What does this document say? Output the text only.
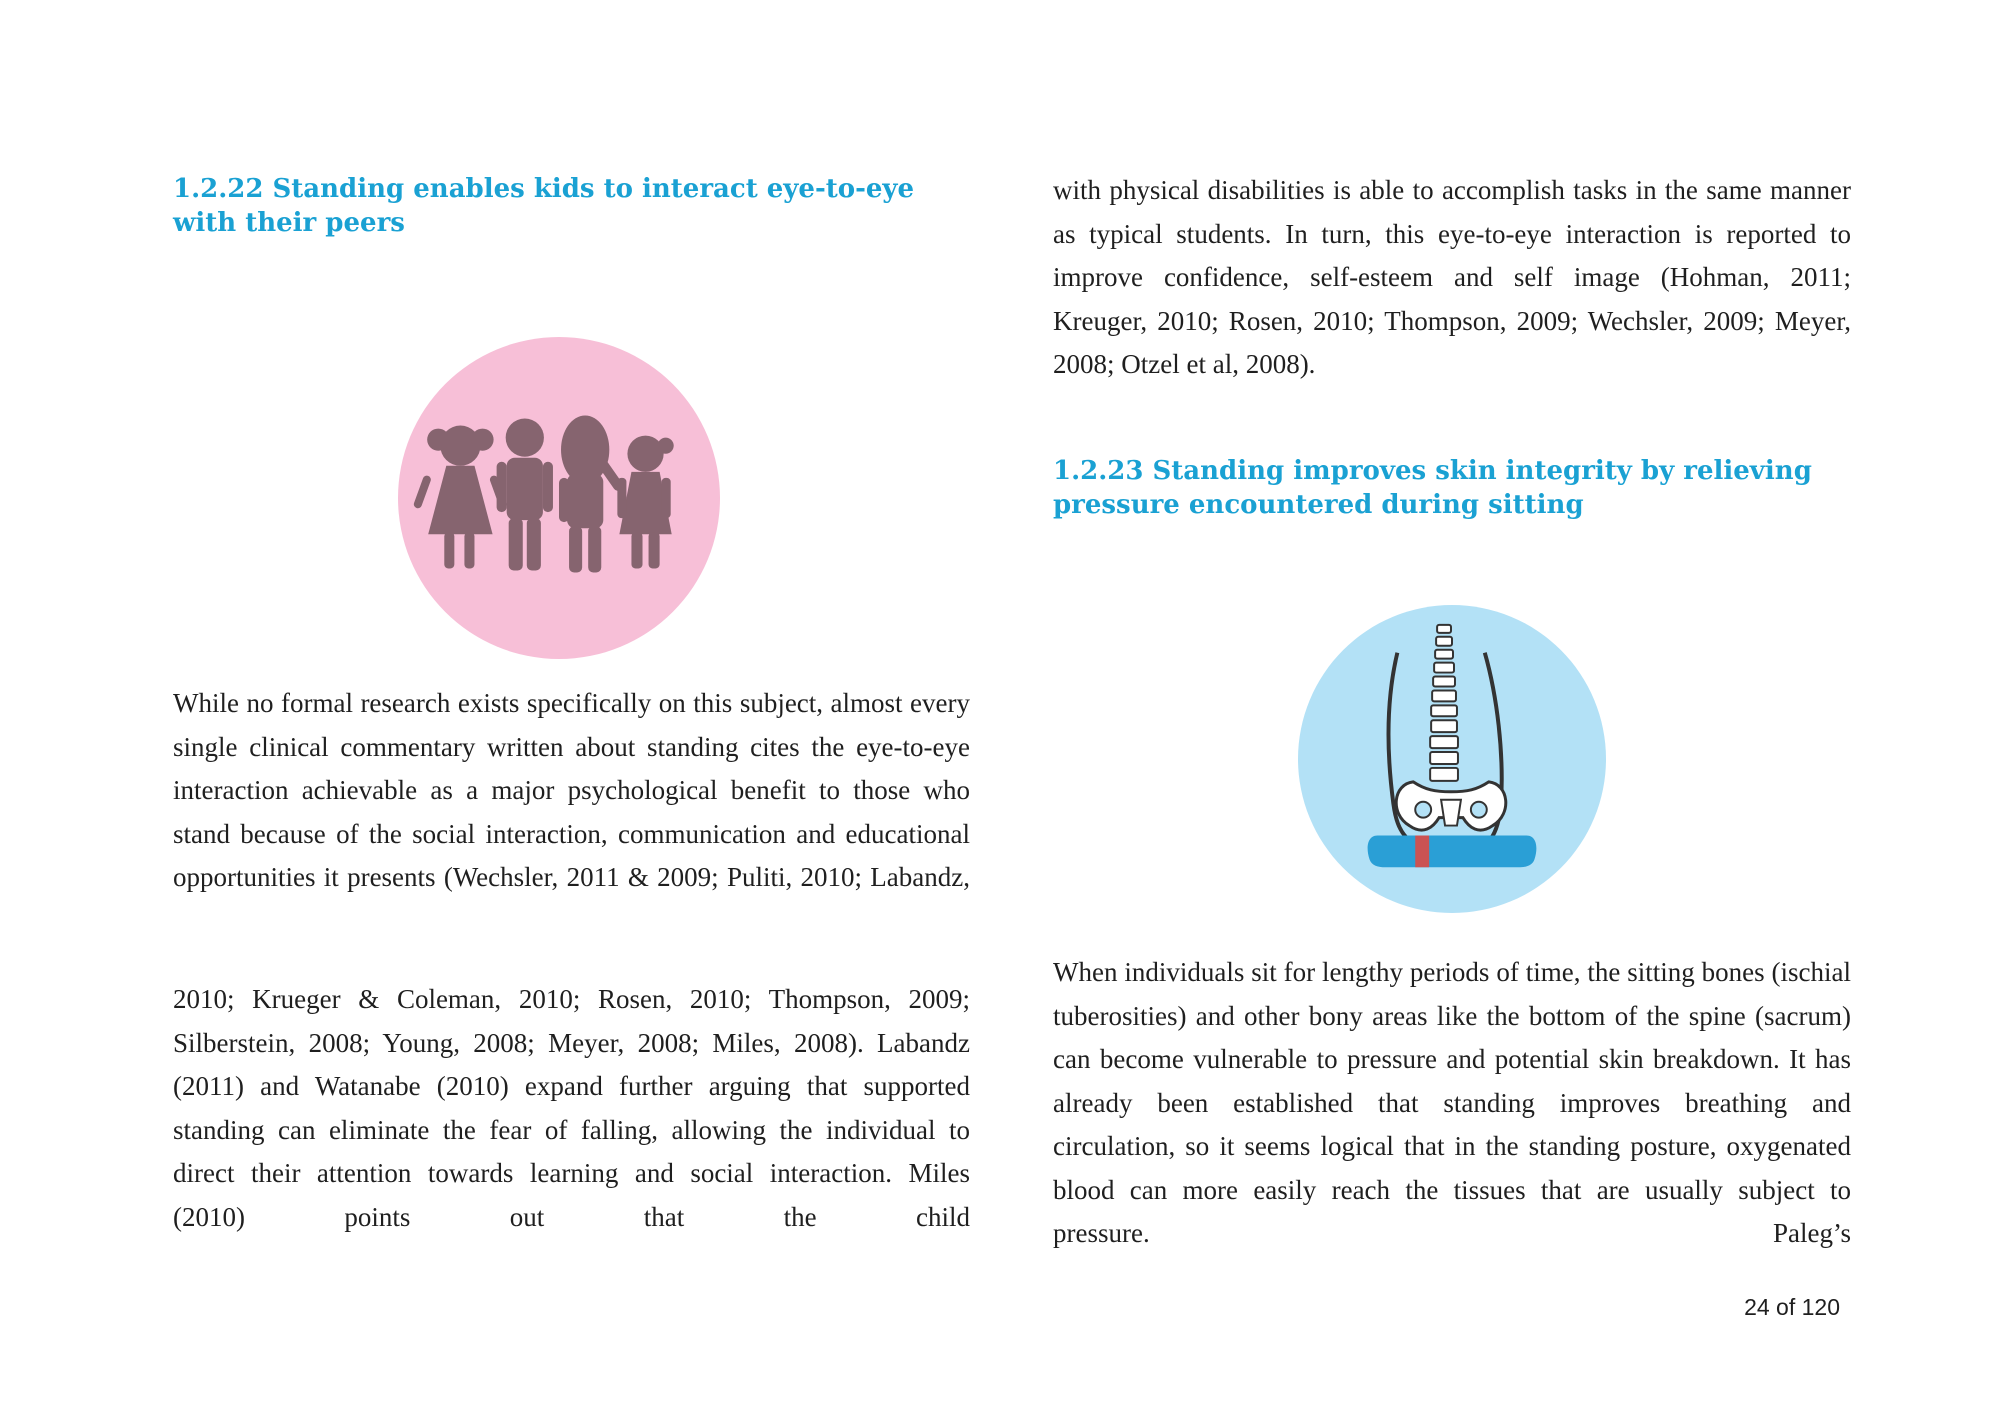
1.2.22 Standing enables kids to interact eye-to-eye with their peers

While no formal research exists specifically on this subject, almost every single clinical commentary written about standing cites the eye-to-eye interaction achievable as a major psychological benefit to those who stand because of the social interaction, communication and educational opportunities it presents (Wechsler, 2011 & 2009; Puliti, 2010; Labandz,

2010; Krueger & Coleman, 2010; Rosen, 2010; Thompson, 2009; Silberstein, 2008; Young, 2008; Meyer, 2008; Miles, 2008). Labandz (2011) and Watanabe (2010) expand further arguing that supported standing can eliminate the fear of falling, allowing the individual to direct their attention towards learning and social interaction. Miles (2010) points out that the child

with physical disabilities is able to accomplish tasks in the same manner as typical students. In turn, this eye-to-eye interaction is reported to improve confidence, self-esteem and self image (Hohman, 2011; Kreuger, 2010; Rosen, 2010; Thompson, 2009; Wechsler, 2009; Meyer, 2008; Otzel et al, 2008).

1.2.23 Standing improves skin integrity by relieving pressure encountered during sitting

When individuals sit for lengthy periods of time, the sitting bones (ischial tuberosities) and other bony areas like the bottom of the spine (sacrum) can become vulnerable to pressure and potential skin breakdown. It has already been established that standing improves breathing and circulation, so it seems logical that in the standing posture, oxygenated blood can more easily reach the tissues that are usually subject to pressure. Paleg’s

24 of 120
